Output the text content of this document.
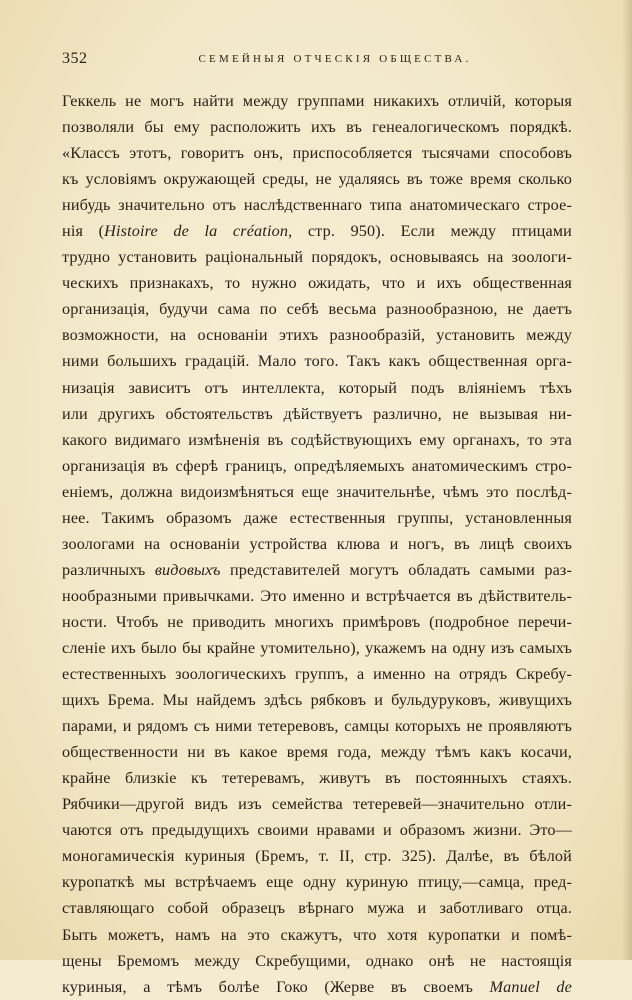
352	СЕМЕЙНЫЯ ОТЧЕСКІЯ ОБЩЕСТВА.
Геккель не могъ найти между группами никакихъ отличій, которыя
позволяли бы ему расположить ихъ въ генеалогическомъ порядкѣ.
«Классъ этотъ, говоритъ онъ, приспособляется тысячами способовъ
къ условіямъ окружающей среды, не удаляясь въ тоже время сколько
нибудь значительно отъ наслѣдственнаго типа анатомическаго строе-
нія (Histoire de la création, стр. 950). Если между птицами
трудно установить раціональный порядокъ, основываясь на зоологи-
ческихъ признакахъ, то нужно ожидать, что и ихъ общественная
организація, будучи сама по себѣ весьма разнообразною, не даетъ
возможности, на основаніи этихъ разнообразій, установить между
ними большихъ градацій. Мало того. Такъ какъ общественная орга-
низація зависитъ отъ интеллекта, который подъ вліяніемъ тѣхъ
или другихъ обстоятельствъ дѣйствуетъ различно, не вызывая ни-
какого видимаго измѣненія въ содѣйствующихъ ему органахъ, то эта
организація въ сферѣ границъ, опредѣляемыхъ анатомическимъ стро-
еніемъ, должна видоизмѣняться еще значительнѣе, чѣмъ это послѣд-
нее. Такимъ образомъ даже естественныя группы, установленныя
зоологами на основаніи устройства клюва и ногъ, въ лицѣ своихъ
различныхъ видовыхъ представителей могутъ обладать самыми раз-
нообразными привычками. Это именно и встрѣчается въ дѣйствитель-
ности. Чтобъ не приводить многихъ примѣровъ (подробное перечи-
сленіе ихъ было бы крайне утомительно), укажемъ на одну изъ самыхъ
естественныхъ зоологическихъ группъ, а именно на отрядъ Скребу-
щихъ Брема. Мы найдемъ здѣсь рябковъ и бульдуруковъ, живущихъ
парами, и рядомъ съ ними тетеревовъ, самцы которыхъ не проявляютъ
общественности ни въ какое время года, между тѣмъ какъ косачи,
крайне близкіе къ тетеревамъ, живутъ въ постоянныхъ стаяхъ.
Рябчики—другой видъ изъ семейства тетеревей—значительно отли-
чаются отъ предыдущихъ своими нравами и образомъ жизни. Это—
моногамическія куриныя (Бремъ, т. II, стр. 325). Далѣе, въ бѣлой
куропаткѣ мы встрѣчаемъ еще одну куриную птицу,—самца, пред-
ставляющаго собой образецъ вѣрнаго мужа и заботливаго отца.
Быть можетъ, намъ на это скажутъ, что хотя куропатки и помѣ-
щены Бремомъ между Скребущими, однако онѣ не настоящія
куриныя, а тѣмъ болѣе Гоко (Жерве въ своемъ Manuel de
